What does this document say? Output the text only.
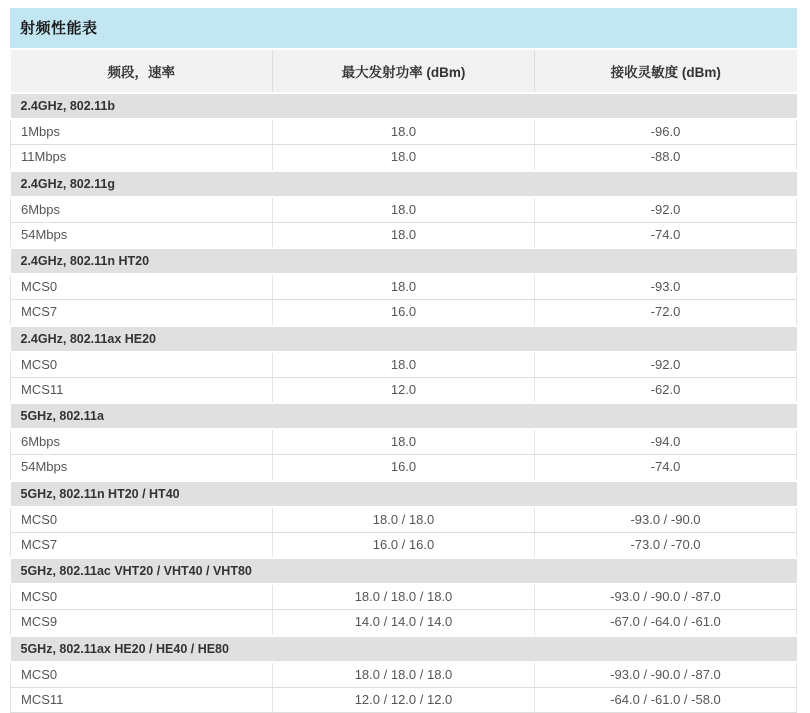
射频性能表
频段，速率	最大发射功率 (dBm)	接收灵敏度 (dBm)
2.4GHz, 802.11b		
1Mbps	18.0	-96.0
11Mbps	18.0	-88.0
2.4GHz, 802.11g		
6Mbps	18.0	-92.0
54Mbps	18.0	-74.0
2.4GHz, 802.11n HT20		
MCS0	18.0	-93.0
MCS7	16.0	-72.0
2.4GHz, 802.11ax HE20		
MCS0	18.0	-92.0
MCS11	12.0	-62.0
5GHz, 802.11a		
6Mbps	18.0	-94.0
54Mbps	16.0	-74.0
5GHz, 802.11n HT20 / HT40		
MCS0	18.0 / 18.0	-93.0 / -90.0
MCS7	16.0 / 16.0	-73.0 / -70.0
5GHz, 802.11ac VHT20 / VHT40 / VHT80		
MCS0	18.0 / 18.0 / 18.0	-93.0 / -90.0 / -87.0
MCS9	14.0 / 14.0 / 14.0	-67.0 / -64.0 / -61.0
5GHz, 802.11ax HE20 / HE40 / HE80		
MCS0	18.0 / 18.0 / 18.0	-93.0 / -90.0 / -87.0
MCS11	12.0 / 12.0 / 12.0	-64.0 / -61.0 / -58.0
